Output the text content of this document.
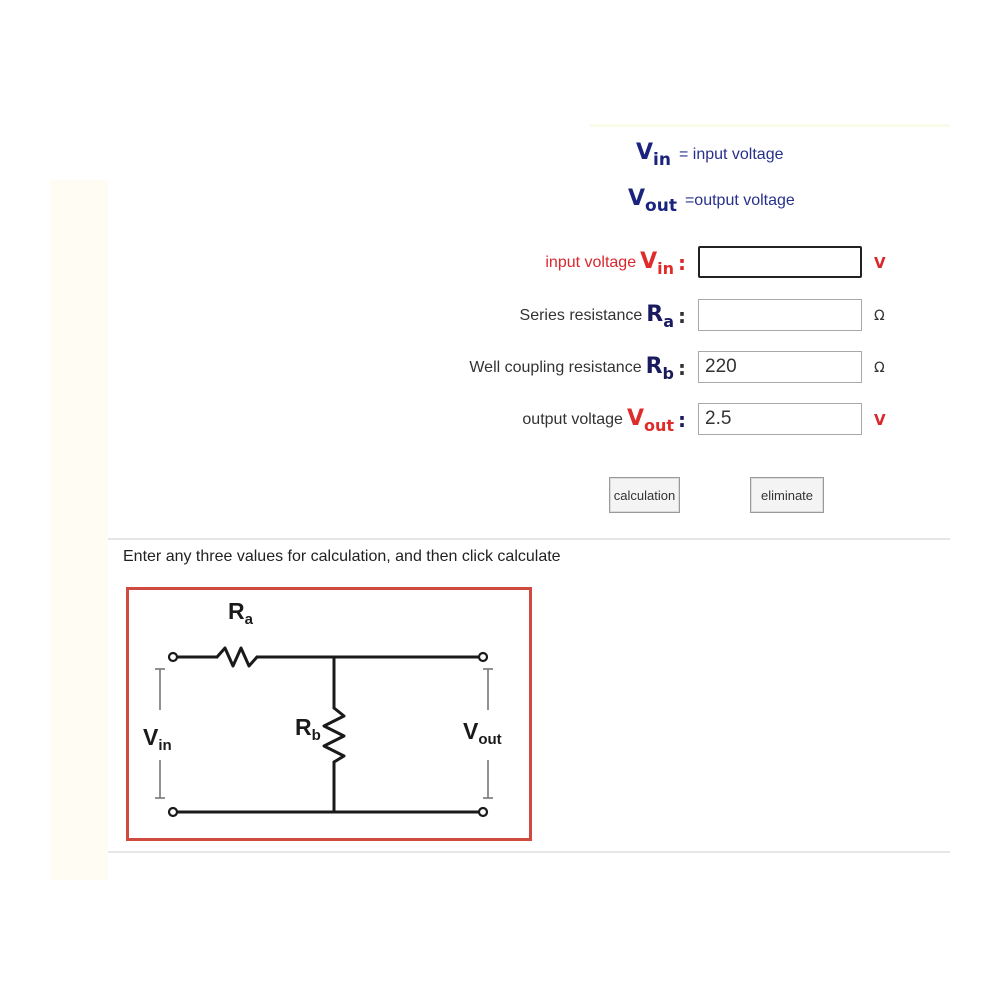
$V_{in}$ = input voltage
$V_{out}$ =output voltage
input voltage $V_{in}$ :	V
Series resistance $R_a$ :	Ω
Well coupling resistance $R_b$ :
220	Ω
output voltage $V_{out}$ :
2.5	V
calculation	eliminate
Enter any three values for calculation, and then click calculate
$R_a$
$R_b$
$V_{in}$
$V_{out}$
